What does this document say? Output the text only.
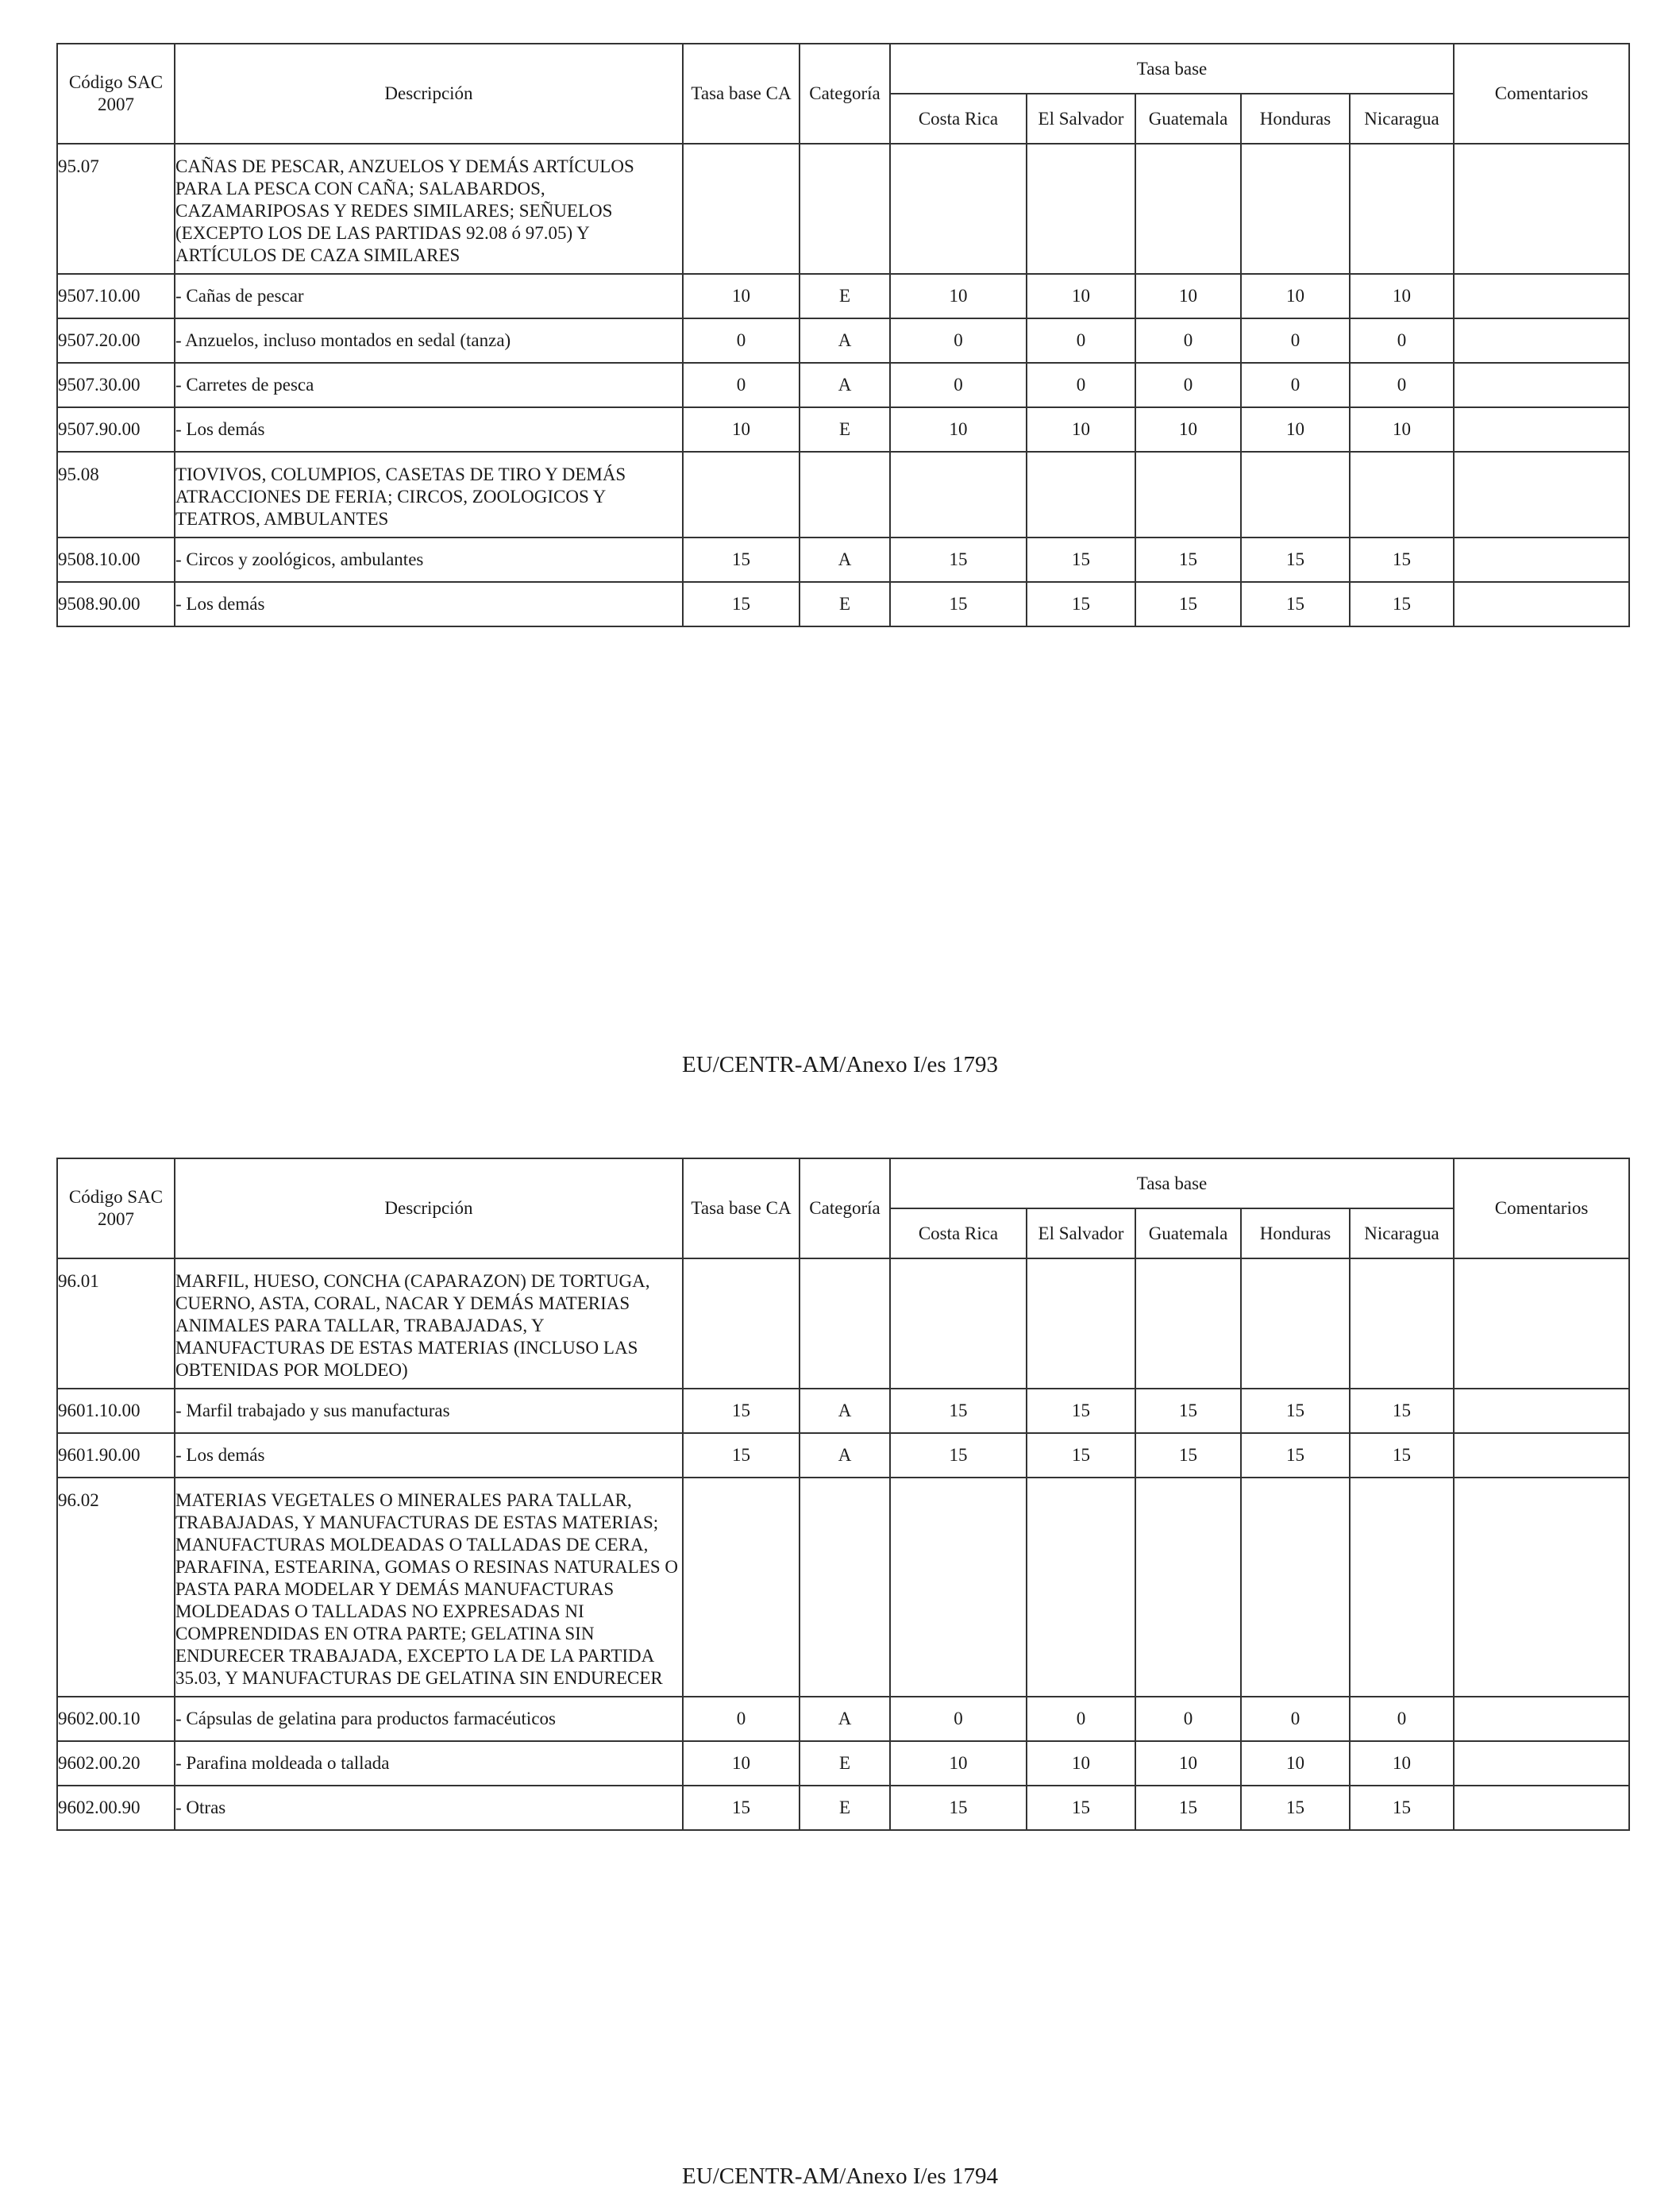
Código SAC 2007	Descripción	Tasa base CA	Categoría	Tasa base					Comentarios
				Costa Rica	El Salvador	Guatemala	Honduras	Nicaragua	
95.07	CAÑAS DE PESCAR, ANZUELOS Y DEMÁS ARTÍCULOS PARA LA PESCA CON CAÑA; SALABARDOS, CAZAMARIPOSAS Y REDES SIMILARES; SEÑUELOS (EXCEPTO LOS DE LAS PARTIDAS 92.08 ó 97.05) Y ARTÍCULOS DE CAZA SIMILARES								
9507.10.00	- Cañas de pescar	10	E	10	10	10	10	10	
9507.20.00	- Anzuelos, incluso montados en sedal (tanza)	0	A	0	0	0	0	0	
9507.30.00	- Carretes de pesca	0	A	0	0	0	0	0	
9507.90.00	- Los demás	10	E	10	10	10	10	10	
95.08	TIOVIVOS, COLUMPIOS, CASETAS DE TIRO Y DEMÁS ATRACCIONES DE FERIA; CIRCOS, ZOOLOGICOS Y TEATROS, AMBULANTES								
9508.10.00	- Circos y zoológicos, ambulantes	15	A	15	15	15	15	15	
9508.90.00	- Los demás	15	E	15	15	15	15	15	
EU/CENTR-AM/Anexo I/es 1793
Código SAC 2007	Descripción	Tasa base CA	Categoría	Tasa base					Comentarios
				Costa Rica	El Salvador	Guatemala	Honduras	Nicaragua	
96.01	MARFIL, HUESO, CONCHA (CAPARAZON) DE TORTUGA, CUERNO, ASTA, CORAL, NACAR Y DEMÁS MATERIAS ANIMALES PARA TALLAR, TRABAJADAS, Y MANUFACTURAS DE ESTAS MATERIAS (INCLUSO LAS OBTENIDAS POR MOLDEO)								
9601.10.00	- Marfil trabajado y sus manufacturas	15	A	15	15	15	15	15	
9601.90.00	- Los demás	15	A	15	15	15	15	15	
96.02	MATERIAS VEGETALES O MINERALES PARA TALLAR, TRABAJADAS, Y MANUFACTURAS DE ESTAS MATERIAS; MANUFACTURAS MOLDEADAS O TALLADAS DE CERA, PARAFINA, ESTEARINA, GOMAS O RESINAS NATURALES O PASTA PARA MODELAR Y DEMÁS MANUFACTURAS MOLDEADAS O TALLADAS NO EXPRESADAS NI COMPRENDIDAS EN OTRA PARTE; GELATINA SIN ENDURECER TRABAJADA, EXCEPTO LA DE LA PARTIDA 35.03, Y MANUFACTURAS DE GELATINA SIN ENDURECER								
9602.00.10	- Cápsulas de gelatina para productos farmacéuticos	0	A	0	0	0	0	0	
9602.00.20	- Parafina moldeada o tallada	10	E	10	10	10	10	10	
9602.00.90	- Otras	15	E	15	15	15	15	15	
EU/CENTR-AM/Anexo I/es 1794
